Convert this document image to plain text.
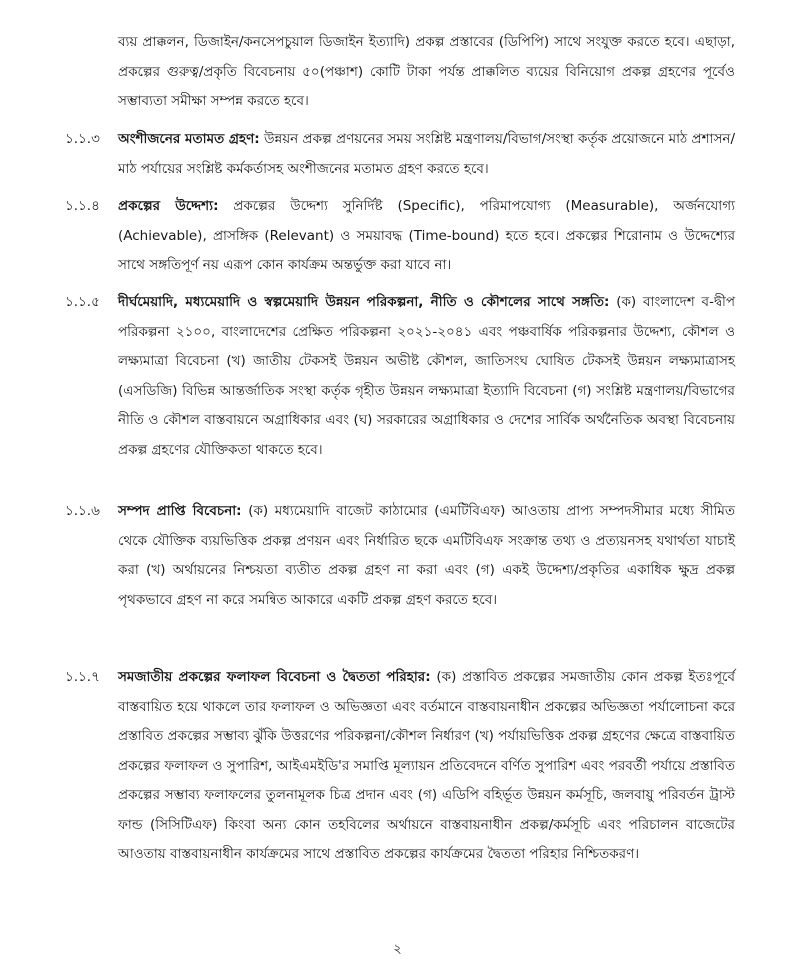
ব্যয় প্রাক্কলন, ডিজাইন/কনসেপচুয়াল ডিজাইন ইত্যাদি) প্রকল্প প্রস্তাবের (ডিপিপি) সাথে সংযুক্ত করতে হবে। এছাড়া, প্রকল্পের গুরুত্ব/প্রকৃতি বিবেচনায় ৫০(পঞ্চাশ) কোটি টাকা পর্যন্ত প্রাক্কলিত ব্যয়ের বিনিয়োগ প্রকল্প গ্রহণের পূর্বেও সম্ভাব্যতা সমীক্ষা সম্পন্ন করতে হবে।
১.১.৩	অংশীজনের মতামত গ্রহণ: উন্নয়ন প্রকল্প প্রণয়নের সময় সংশ্লিষ্ট মন্ত্রণালয়/বিভাগ/সংস্থা কর্তৃক প্রয়োজনে মাঠ প্রশাসন/মাঠ পর্যায়ের সংশ্লিষ্ট কর্মকর্তাসহ অংশীজনের মতামত গ্রহণ করতে হবে।
১.১.৪	প্রকল্পের উদ্দেশ্য: প্রকল্পের উদ্দেশ্য সুনির্দিষ্ট (Specific), পরিমাপযোগ্য (Measurable), অর্জনযোগ্য (Achievable), প্রাসঙ্গিক (Relevant) ও সময়াবদ্ধ (Time-bound) হতে হবে। প্রকল্পের শিরোনাম ও উদ্দেশ্যের সাথে সঙ্গতিপূর্ণ নয় এরূপ কোন কার্যক্রম অন্তর্ভুক্ত করা যাবে না।
১.১.৫	দীর্ঘমেয়াদি, মধ্যমেয়াদি ও স্বল্পমেয়াদি উন্নয়ন পরিকল্পনা, নীতি ও কৌশলের সাথে সঙ্গতি: (ক) বাংলাদেশ ব-দ্বীপ পরিকল্পনা ২১০০, বাংলাদেশের প্রেক্ষিত পরিকল্পনা ২০২১-২০৪১ এবং পঞ্চবার্ষিক পরিকল্পনার উদ্দেশ্য, কৌশল ও লক্ষ্যমাত্রা বিবেচনা (খ) জাতীয় টেকসই উন্নয়ন অভীষ্ট কৌশল, জাতিসংঘ ঘোষিত টেকসই উন্নয়ন লক্ষ্যমাত্রাসহ (এসডিজি) বিভিন্ন আন্তর্জাতিক সংস্থা কর্তৃক গৃহীত উন্নয়ন লক্ষ্যমাত্রা ইত্যাদি বিবেচনা (গ) সংশ্লিষ্ট মন্ত্রণালয়/বিভাগের নীতি ও কৌশল বাস্তবায়নে অগ্রাধিকার এবং (ঘ) সরকারের অগ্রাধিকার ও দেশের সার্বিক অর্থনৈতিক অবস্থা বিবেচনায় প্রকল্প গ্রহণের যৌক্তিকতা থাকতে হবে।
১.১.৬	সম্পদ প্রাপ্তি বিবেচনা: (ক) মধ্যমেয়াদি বাজেট কাঠামোর (এমটিবিএফ) আওতায় প্রাপ্য সম্পদসীমার মধ্যে সীমিত থেকে যৌক্তিক ব্যয়ভিত্তিক প্রকল্প প্রণয়ন এবং নির্ধারিত ছকে এমটিবিএফ সংক্রান্ত তথ্য ও প্রত্যয়নসহ যথার্থতা যাচাই করা (খ) অর্থায়নের নিশ্চয়তা ব্যতীত প্রকল্প গ্রহণ না করা এবং (গ) একই উদ্দেশ্য/প্রকৃতির একাধিক ক্ষুদ্র প্রকল্প পৃথকভাবে গ্রহণ না করে সমন্বিত আকারে একটি প্রকল্প গ্রহণ করতে হবে।
১.১.৭	সমজাতীয় প্রকল্পের ফলাফল বিবেচনা ও দ্বৈততা পরিহার: (ক) প্রস্তাবিত প্রকল্পের সমজাতীয় কোন প্রকল্প ইতঃপূর্বে বাস্তবায়িত হয়ে থাকলে তার ফলাফল ও অভিজ্ঞতা এবং বর্তমানে বাস্তবায়নাধীন প্রকল্পের অভিজ্ঞতা পর্যালোচনা করে প্রস্তাবিত প্রকল্পের সম্ভাব্য ঝুঁকি উত্তরণের পরিকল্পনা/কৌশল নির্ধারণ (খ) পর্যায়ভিত্তিক প্রকল্প গ্রহণের ক্ষেত্রে বাস্তবায়িত প্রকল্পের ফলাফল ও সুপারিশ, আইএমইডি'র সমাপ্তি মূল্যায়ন প্রতিবেদনে বর্ণিত সুপারিশ এবং পরবর্তী পর্যায়ে প্রস্তাবিত প্রকল্পের সম্ভাব্য ফলাফলের তুলনামূলক চিত্র প্রদান এবং (গ) এডিপি বহির্ভূত উন্নয়ন কর্মসূচি, জলবায়ু পরিবর্তন ট্রাস্ট ফান্ড (সিসিটিএফ) কিংবা অন্য কোন তহবিলের অর্থায়নে বাস্তবায়নাধীন প্রকল্প/কর্মসূচি এবং পরিচালন বাজেটের আওতায় বাস্তবায়নাধীন কার্যক্রমের সাথে প্রস্তাবিত প্রকল্পের কার্যক্রমের দ্বৈততা পরিহার নিশ্চিতকরণ।
২
